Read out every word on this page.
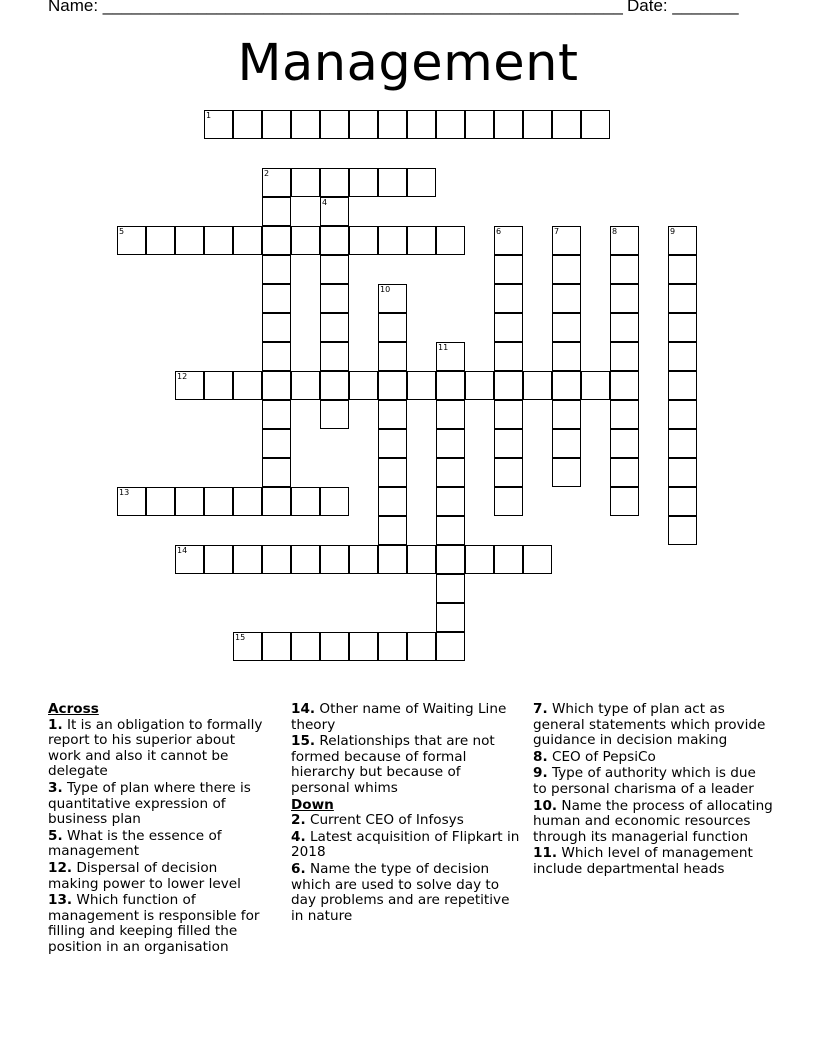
Name: _______________________________________________________ Date: _______
Management
1
2
5
12
13
14
15
4
6	7	8	9
10
11
Across
1. It is an obligation to formally report to his superior about work and also it cannot be delegate
3. Type of plan where there is quantitative expression of business plan
5. What is the essence of management
12. Dispersal of decision making power to lower level
13. Which function of management is responsible for filling and keeping filled the position in an organisation
14. Other name of Waiting Line theory
15. Relationships that are not formed because of formal hierarchy but because of personal whims
Down
2. Current CEO of Infosys
4. Latest acquisition of Flipkart in 2018
6. Name the type of decision which are used to solve day to day problems and are repetitive in nature
7. Which type of plan act as general statements which provide guidance in decision making
8. CEO of PepsiCo
9. Type of authority which is due to personal charisma of a leader
10. Name the process of allocating human and economic resources through its managerial function
11. Which level of management include departmental heads
